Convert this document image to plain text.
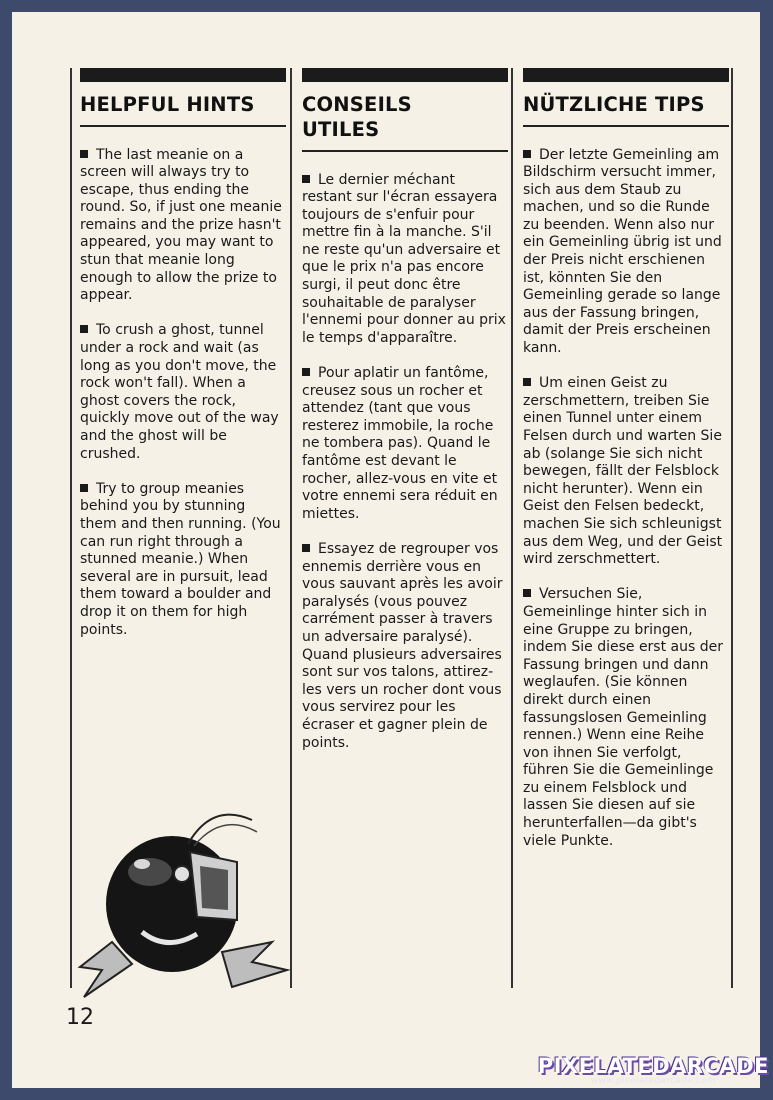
HELPFUL HINTS

The last meanie on a screen will always try to escape, thus ending the round. So, if just one meanie remains and the prize hasn't appeared, you may want to stun that meanie long enough to allow the prize to appear.

To crush a ghost, tunnel under a rock and wait (as long as you don't move, the rock won't fall). When a ghost covers the rock, quickly move out of the way and the ghost will be crushed.

Try to group meanies behind you by stunning them and then running. (You can run right through a stunned meanie.) When several are in pursuit, lead them toward a boulder and drop it on them for high points.

CONSEILS UTILES

Le dernier méchant restant sur l'écran essayera toujours de s'enfuir pour mettre fin à la manche. S'il ne reste qu'un adversaire et que le prix n'a pas encore surgi, il peut donc être souhaitable de paralyser l'ennemi pour donner au prix le temps d'apparaître.

Pour aplatir un fantôme, creusez sous un rocher et attendez (tant que vous resterez immobile, la roche ne tombera pas). Quand le fantôme est devant le rocher, allez-vous en vite et votre ennemi sera réduit en miettes.

Essayez de regrouper vos ennemis derrière vous en vous sauvant après les avoir paralysés (vous pouvez carrément passer à travers un adversaire paralysé). Quand plusieurs adversaires sont sur vos talons, attirez-les vers un rocher dont vous vous servirez pour les écraser et gagner plein de points.

NÜTZLICHE TIPS

Der letzte Gemeinling am Bildschirm versucht immer, sich aus dem Staub zu machen, und so die Runde zu beenden. Wenn also nur ein Gemeinling übrig ist und der Preis nicht erschienen ist, könnten Sie den Gemeinling gerade so lange aus der Fassung bringen, damit der Preis erscheinen kann.

Um einen Geist zu zerschmettern, treiben Sie einen Tunnel unter einem Felsen durch und warten Sie ab (solange Sie sich nicht bewegen, fällt der Felsblock nicht herunter). Wenn ein Geist den Felsen bedeckt, machen Sie sich schleunigst aus dem Weg, und der Geist wird zerschmettert.

Versuchen Sie, Gemeinlinge hinter sich in eine Gruppe zu bringen, indem Sie diese erst aus der Fassung bringen und dann weglaufen. (Sie können direkt durch einen fassungslosen Gemeinling rennen.) Wenn eine Reihe von ihnen Sie verfolgt, führen Sie die Gemeinlinge zu einem Felsblock und lassen Sie diesen auf sie herunterfallen—da gibt's viele Punkte.

12
PIXELATEDARCADE
www.pixelatedarcade.com
